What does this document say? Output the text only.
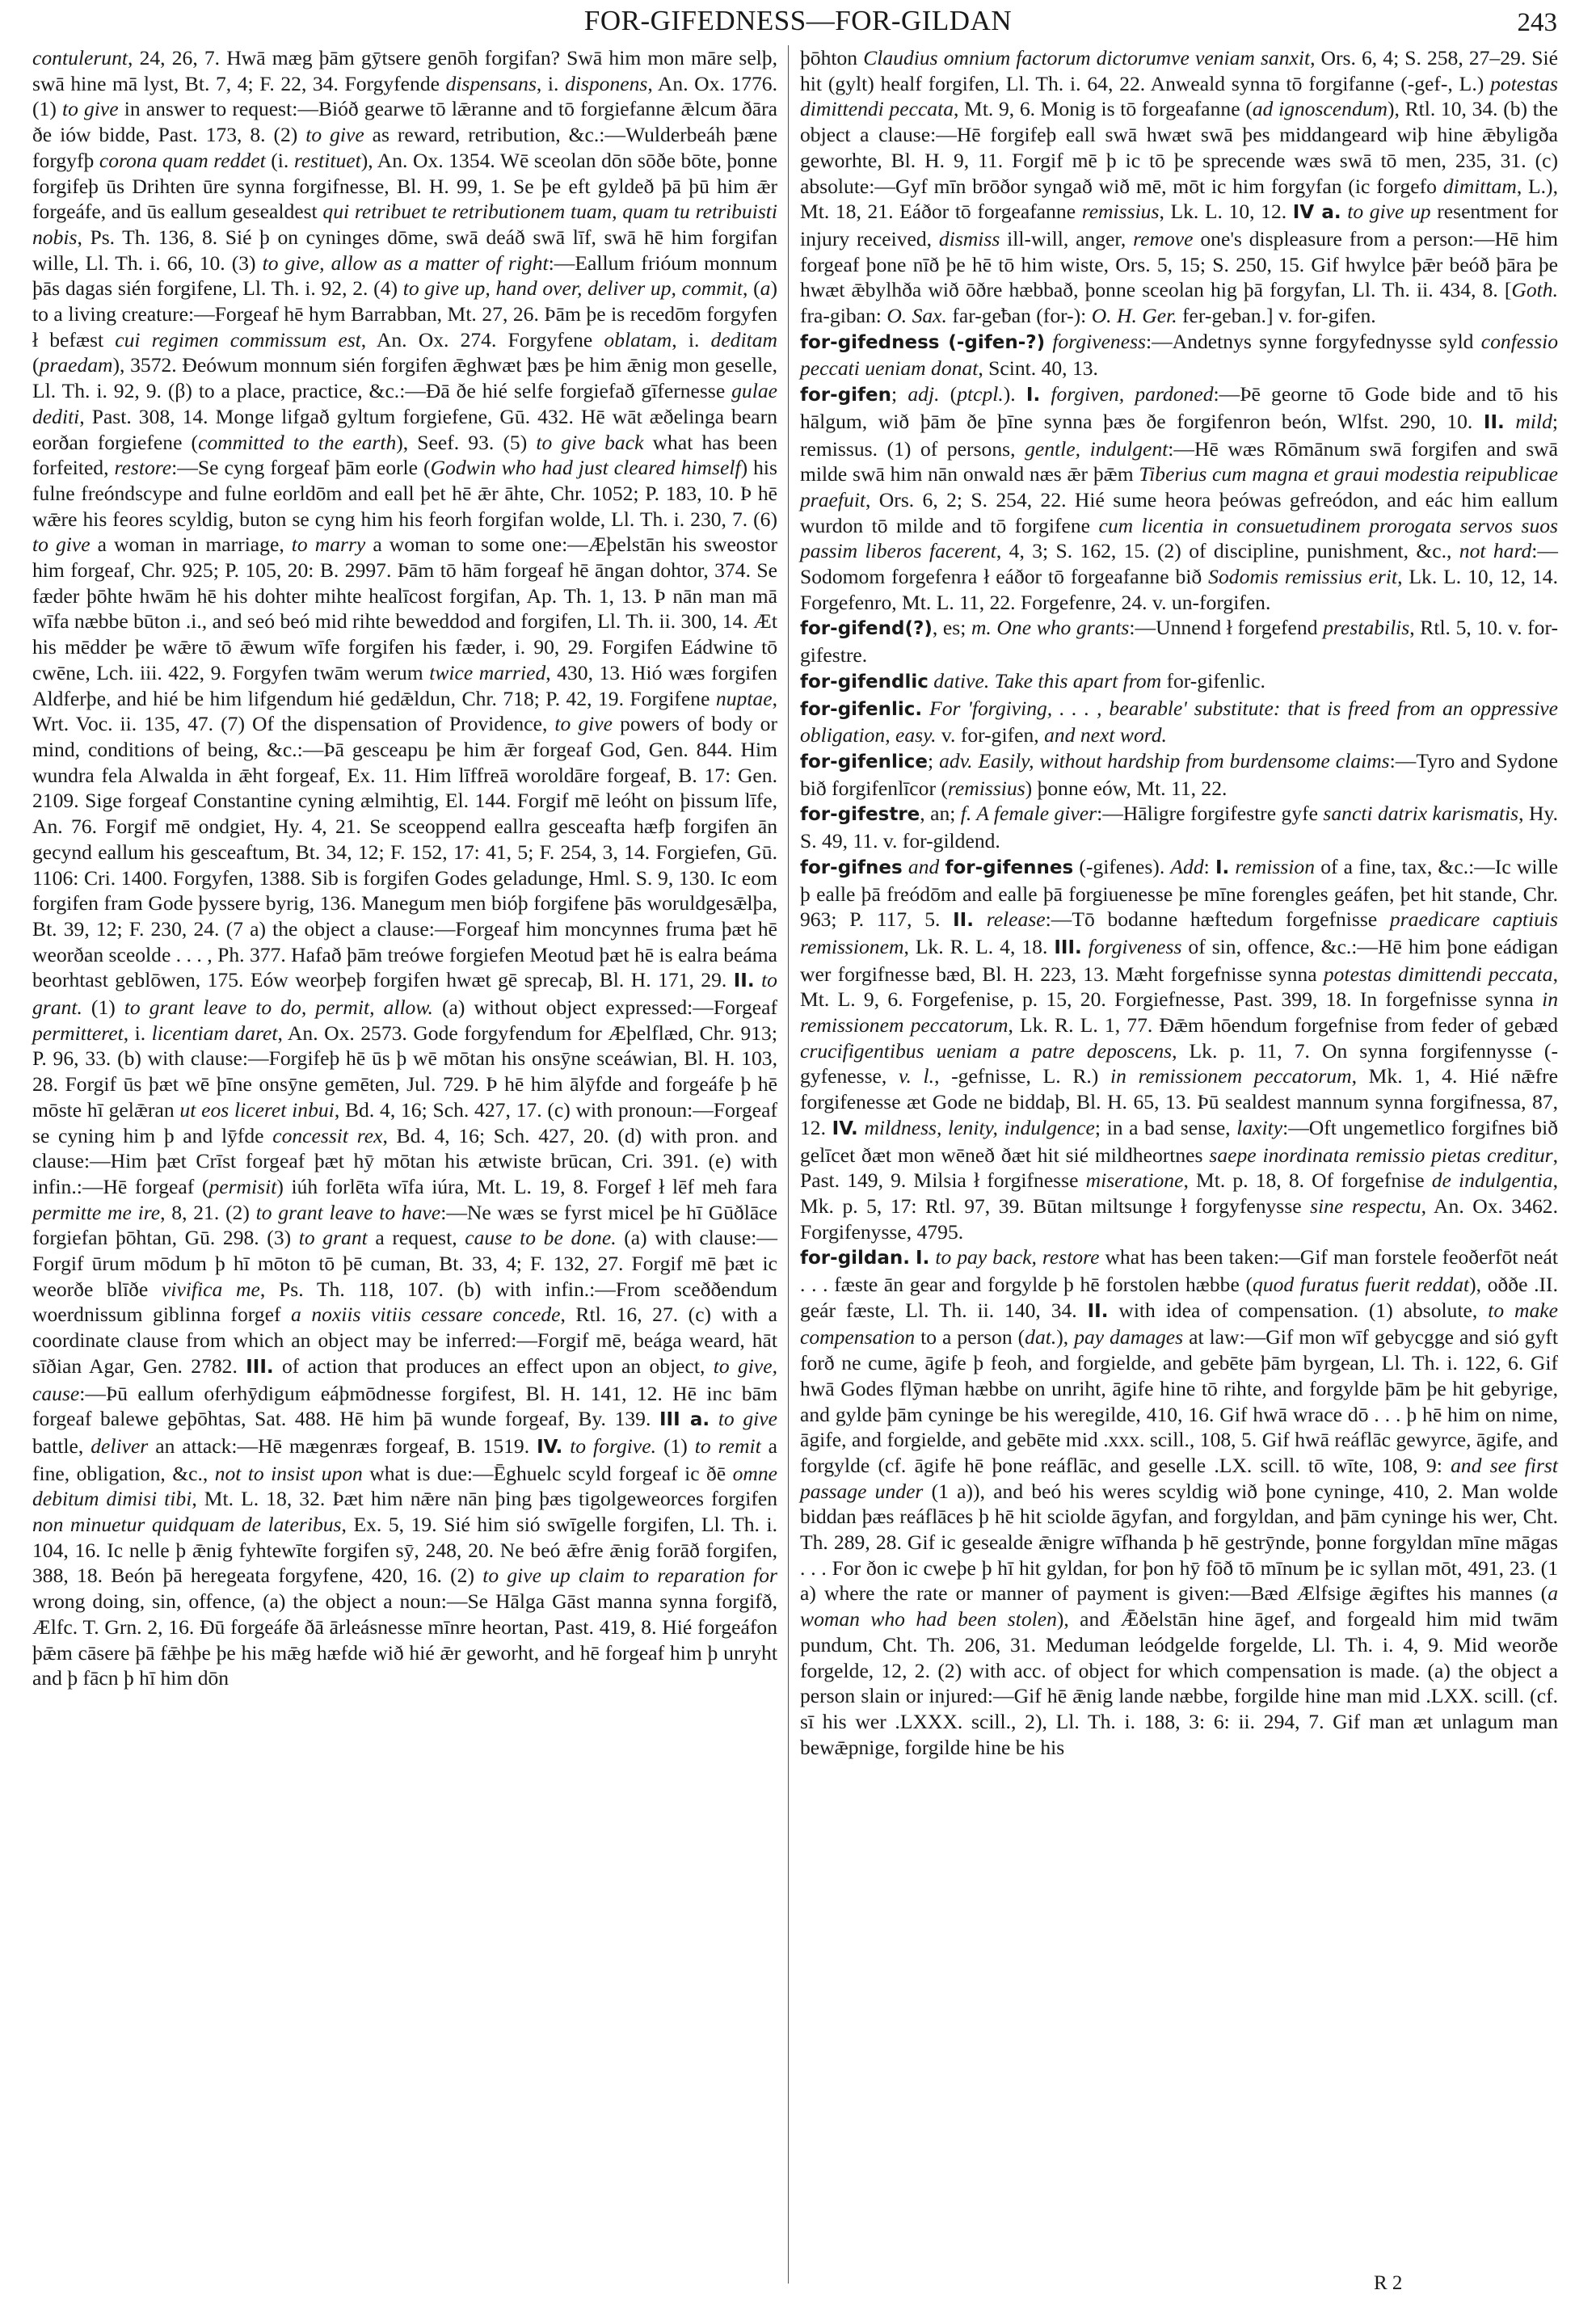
FOR-GIFEDNESS—FOR-GILDAN	243

contulerunt, 24, 26, 7. Hwā mæg þām gȳtsere genōh forgifan? Swā him mon māre selþ, swā hine mā lyst, Bt. 7, 4; F. 22, 34. Forgyfende dispensans, i. disponens, An. Ox. 1776. (1) to give in answer to request:—Bióð gearwe tō lǣranne and tō forgiefanne ǣlcum ðāra ðe iów bidde, Past. 173, 8. (2) to give as reward, retribution, &c.:—Wulderbeáh þæne forgyfþ corona quam reddet (i. restituet), An. Ox. 1354. Wē sceolan dōn sōðe bōte, þonne forgifeþ ūs Drihten ūre synna forgifnesse, Bl. H. 99, 1. Se þe eft gyldeð þā þū him ǣr forgeáfe, and ūs eallum gesealdest qui retribuet te retributionem tuam, quam tu retribuisti nobis, Ps. Th. 136, 8. Sié þ on cyninges dōme, swā deáð swā līf, swā hē him forgifan wille, Ll. Th. i. 66, 10. (3) to give, allow as a matter of right:—Eallum frióum monnum þās dagas sién forgifene, Ll. Th. i. 92, 2. (4) to give up, hand over, deliver up, commit, (a) to a living creature:—Forgeaf hē hym Barrabban, Mt. 27, 26. Þām þe is recedōm forgyfen ł befæst cui regimen commissum est, An. Ox. 274. Forgyfene oblatam, i. deditam (praedam), 3572. Ðeówum monnum sién forgifen ǣghwæt þæs þe him ǣnig mon geselle, Ll. Th. i. 92, 9. (β) to a place, practice, &c.:—Ðā ðe hié selfe forgiefað gīfernesse gulae dediti, Past. 308, 14. Monge lifgað gyltum forgiefene, Gū. 432. Hē wāt æðelinga bearn eorðan forgiefene (committed to the earth), Seef. 93. (5) to give back what has been forfeited, restore:—Se cyng forgeaf þām eorle (Godwin who had just cleared himself) his fulne freóndscype and fulne eorldōm and eall þet hē ǣr āhte, Chr. 1052; P. 183, 10. Þ hē wǣre his feores scyldig, buton se cyng him his feorh forgifan wolde, Ll. Th. i. 230, 7. (6) to give a woman in marriage, to marry a woman to some one:—Æþelstān his sweostor him forgeaf, Chr. 925; P. 105, 20: B. 2997. Þām tō hām forgeaf hē āngan dohtor, 374. Se fæder þōhte hwām hē his dohter mihte healīcost forgifan, Ap. Th. 1, 13. Þ nān man mā wīfa næbbe būton .i., and seó beó mid rihte beweddod and forgifen, Ll. Th. ii. 300, 14. Æt his mēdder þe wǣre tō ǣwum wīfe forgifen his fæder, i. 90, 29. Forgifen Eádwine tō cwēne, Lch. iii. 422, 9. Forgyfen twām werum twice married, 430, 13. Hió wæs forgifen Aldferþe, and hié be him lifgendum hié gedǣldun, Chr. 718; P. 42, 19. Forgifene nuptae, Wrt. Voc. ii. 135, 47. (7) Of the dispensation of Providence, to give powers of body or mind, conditions of being, &c.:—Þā gesceapu þe him ǣr forgeaf God, Gen. 844. Him wundra fela Alwalda in ǣht forgeaf, Ex. 11. Him līffreā woroldāre forgeaf, B. 17: Gen. 2109. Sige forgeaf Constantine cyning ælmihtig, El. 144. Forgif mē leóht on þissum līfe, An. 76. Forgif mē ondgiet, Hy. 4, 21. Se sceoppend eallra gesceafta hæfþ forgifen ān gecynd eallum his gesceaftum, Bt. 34, 12; F. 152, 17: 41, 5; F. 254, 3, 14. Forgiefen, Gū. 1106: Cri. 1400. Forgyfen, 1388. Sib is forgifen Godes geladunge, Hml. S. 9, 130. Ic eom forgifen fram Gode þyssere byrig, 136. Manegum men bióþ forgifene þās woruldgesǣlþa, Bt. 39, 12; F. 230, 24. (7 a) the object a clause:—Forgeaf him moncynnes fruma þæt hē weorðan sceolde . . . , Ph. 377. Hafað þām treówe forgiefen Meotud þæt hē is ealra beáma beorhtast geblōwen, 175. Eów weorþeþ forgifen hwæt gē sprecaþ, Bl. H. 171, 29. II. to grant. (1) to grant leave to do, permit, allow. (a) without object expressed:—Forgeaf permitteret, i. licentiam daret, An. Ox. 2573. Gode forgyfendum for Æþelflæd, Chr. 913; P. 96, 33. (b) with clause:—Forgifeþ hē ūs þ wē mōtan his onsȳne sceáwian, Bl. H. 103, 28. Forgif ūs þæt wē þīne onsȳne gemēten, Jul. 729. Þ hē him ālȳfde and forgeáfe þ hē mōste hī gelǣran ut eos liceret inbui, Bd. 4, 16; Sch. 427, 17. (c) with pronoun:—Forgeaf se cyning him þ and lȳfde concessit rex, Bd. 4, 16; Sch. 427, 20. (d) with pron. and clause:—Him þæt Crīst forgeaf þæt hȳ mōtan his ætwiste brūcan, Cri. 391. (e) with infin.:—Hē forgeaf (permisit) iúh forlēta wīfa iúra, Mt. L. 19, 8. Forgef ł lēf meh fara permitte me ire, 8, 21. (2) to grant leave to have:—Ne wæs se fyrst micel þe hī Gūðlāce forgiefan þōhtan, Gū. 298. (3) to grant a request, cause to be done. (a) with clause:—Forgif ūrum mōdum þ hī mōton tō þē cuman, Bt. 33, 4; F. 132, 27. Forgif mē þæt ic weorðe blīðe vivifica me, Ps. Th. 118, 107. (b) with infin.:—From sceððendum woerdnissum giblinna forgef a noxiis vitiis cessare concede, Rtl. 16, 27. (c) with a coordinate clause from which an object may be inferred:—Forgif mē, beága weard, hāt sīðian Agar, Gen. 2782. III. of action that produces an effect upon an object, to give, cause:—Þū eallum oferhȳdigum eáþmōdnesse forgifest, Bl. H. 141, 12. Hē inc bām forgeaf balewe geþōhtas, Sat. 488. Hē him þā wunde forgeaf, By. 139. III a. to give battle, deliver an attack:—Hē mægenræs forgeaf, B. 1519. IV. to forgive. (1) to remit a fine, obligation, &c., not to insist upon what is due:—Ēghuelc scyld forgeaf ic ðē omne debitum dimisi tibi, Mt. L. 18, 32. Þæt him nǣre nān þing þæs tigolgeweorces forgifen non minuetur quidquam de lateribus, Ex. 5, 19. Sié him sió swīgelle forgifen, Ll. Th. i. 104, 16. Ic nelle þ ǣnig fyhtewīte forgifen sȳ, 248, 20. Ne beó ǣfre ǣnig forāð forgifen, 388, 18. Beón þā heregeata forgyfene, 420, 16. (2) to give up claim to reparation for wrong doing, sin, offence, (a) the object a noun:—Se Hālga Gāst manna synna forgifð, Ælfc. T. Grn. 2, 16. Ðū forgeáfe ðā ārleásnesse mīnre heortan, Past. 419, 8. Hié forgeáfon þǣm cāsere þā fǣhþe þe his mǣg hæfde wið hié ǣr geworht, and hē forgeaf him þ unryht and þ fācn þ hī him dōn

þōhton Claudius omnium factorum dictorumve veniam sanxit, Ors. 6, 4; S. 258, 27–29. Sié hit (gylt) healf forgifen, Ll. Th. i. 64, 22. Anweald synna tō forgifanne (-gef-, L.) potestas dimittendi peccata, Mt. 9, 6. Monig is tō forgeafanne (ad ignoscendum), Rtl. 10, 34. (b) the object a clause:—Hē forgifeþ eall swā hwæt swā þes middangeard wiþ hine ǣbyligða geworhte, Bl. H. 9, 11. Forgif mē þ ic tō þe sprecende wæs swā tō men, 235, 31. (c) absolute:—Gyf mīn brōðor syngað wið mē, mōt ic him forgyfan (ic forgefo dimittam, L.), Mt. 18, 21. Eáðor tō forgeafanne remissius, Lk. L. 10, 12. IV a. to give up resentment for injury received, dismiss ill-will, anger, remove one's displeasure from a person:—Hē him forgeaf þone nīð þe hē tō him wiste, Ors. 5, 15; S. 250, 15. Gif hwylce þǣr beóð þāra þe hwæt ǣbylhða wið ōðre hæbbað, þonne sceolan hig þā forgyfan, Ll. Th. ii. 434, 8. [Goth. fra-giban: O. Sax. far-geƀan (for-): O. H. Ger. fer-geban.] v. for-gifen.

for-gifedness (-gifen-?) forgiveness:—Andetnys synne forgyfednysse syld confessio peccati ueniam donat, Scint. 40, 13.

for-gifen; adj. (ptcpl.). I. forgiven, pardoned:—Þē georne tō Gode bide and tō his hālgum, wið þām ðe þīne synna þæs ðe forgifenron beón, Wlfst. 290, 10. II. mild; remissus. (1) of persons, gentle, indulgent:—Hē wæs Rōmānum swā forgifen and swā milde swā him nān onwald næs ǣr þǣm Tiberius cum magna et graui modestia reipublicae praefuit, Ors. 6, 2; S. 254, 22. Hié sume heora þeówas gefreódon, and eác him eallum wurdon tō milde and tō forgifene cum licentia in consuetudinem prorogata servos suos passim liberos facerent, 4, 3; S. 162, 15. (2) of discipline, punishment, &c., not hard:—Sodomom forgefenra ł eáðor tō forgeafanne bið Sodomis remissius erit, Lk. L. 10, 12, 14. Forgefenro, Mt. L. 11, 22. Forgefenre, 24. v. un-forgifen.

for-gifend(?), es; m. One who grants:—Unnend ł forgefend prestabilis, Rtl. 5, 10. v. for-gifestre.

for-gifendlic dative. Take this apart from for-gifenlic.

for-gifenlic. For 'forgiving, . . . , bearable' substitute: that is freed from an oppressive obligation, easy. v. for-gifen, and next word.

for-gifenlice; adv. Easily, without hardship from burdensome claims:—Tyro and Sydone bið forgifenlīcor (remissius) þonne eów, Mt. 11, 22.

for-gifestre, an; f. A female giver:—Hāligre forgifestre gyfe sancti datrix karismatis, Hy. S. 49, 11. v. for-gildend.

for-gifnes and for-gifennes (-gifenes). Add: I. remission of a fine, tax, &c.:—Ic wille þ ealle þā freódōm and ealle þā forgiuenesse þe mīne forengles geáfen, þet hit stande, Chr. 963; P. 117, 5. II. release:—Tō bodanne hæftedum forgefnisse praedicare captiuis remissionem, Lk. R. L. 4, 18. III. forgiveness of sin, offence, &c.:—Hē him þone eádigan wer forgifnesse bæd, Bl. H. 223, 13. Mæht forgefnisse synna potestas dimittendi peccata, Mt. L. 9, 6. Forgefenise, p. 15, 20. Forgiefnesse, Past. 399, 18. In forgefnisse synna in remissionem peccatorum, Lk. R. L. 1, 77. Ðǣm hōendum forgefnise from feder of gebæd crucifigentibus ueniam a patre deposcens, Lk. p. 11, 7. On synna forgifennysse (-gyfenesse, v. l., -gefnisse, L. R.) in remissionem peccatorum, Mk. 1, 4. Hié nǣfre forgifenesse æt Gode ne biddaþ, Bl. H. 65, 13. Þū sealdest mannum synna forgifnessa, 87, 12. IV. mildness, lenity, indulgence; in a bad sense, laxity:—Oft ungemetlico forgifnes bið gelīcet ðæt mon wēneð ðæt hit sié mildheortnes saepe inordinata remissio pietas creditur, Past. 149, 9. Milsia ł forgifnesse miseratione, Mt. p. 18, 8. Of forgefnise de indulgentia, Mk. p. 5, 17: Rtl. 97, 39. Būtan miltsunge ł forgyfenysse sine respectu, An. Ox. 3462. Forgifenysse, 4795.

for-gildan. I. to pay back, restore what has been taken:—Gif man forstele feoðerfōt neát . . . fæste ān gear and forgylde þ hē forstolen hæbbe (quod furatus fuerit reddat), oððe .II. geár fæste, Ll. Th. ii. 140, 34. II. with idea of compensation. (1) absolute, to make compensation to a person (dat.), pay damages at law:—Gif mon wīf gebycgge and sió gyft forð ne cume, āgife þ feoh, and forgielde, and gebēte þām byrgean, Ll. Th. i. 122, 6. Gif hwā Godes flȳman hæbbe on unriht, āgife hine tō rihte, and forgylde þām þe hit gebyrige, and gylde þām cyninge be his weregilde, 410, 16. Gif hwā wrace dō . . . þ hē him on nime, āgife, and forgielde, and gebēte mid .xxx. scill., 108, 5. Gif hwā reáflāc gewyrce, āgife, and forgylde (cf. āgife hē þone reáflāc, and geselle .LX. scill. tō wīte, 108, 9: and see first passage under (1 a)), and beó his weres scyldig wið þone cyninge, 410, 2. Man wolde biddan þæs reáflāces þ hē hit sciolde āgyfan, and forgyldan, and þām cyninge his wer, Cht. Th. 289, 28. Gif ic gesealde ǣnigre wīfhanda þ hē gestrȳnde, þonne forgyldan mīne māgas . . . For ðon ic cweþe þ hī hit gyldan, for þon hȳ fōð tō mīnum þe ic syllan mōt, 491, 23. (1 a) where the rate or manner of payment is given:—Bæd Ælfsige ǣgiftes his mannes (a woman who had been stolen), and Ǣðelstān hine āgef, and forgeald him mid twām pundum, Cht. Th. 206, 31. Meduman leódgelde forgelde, Ll. Th. i. 4, 9. Mid weorðe forgelde, 12, 2. (2) with acc. of object for which compensation is made. (a) the object a person slain or injured:—Gif hē ǣnig lande næbbe, forgilde hine man mid .LXX. scill. (cf. sī his wer .LXXX. scill., 2), Ll. Th. i. 188, 3: 6: ii. 294, 7. Gif man æt unlagum man bewǣpnige, forgilde hine be his

R 2
